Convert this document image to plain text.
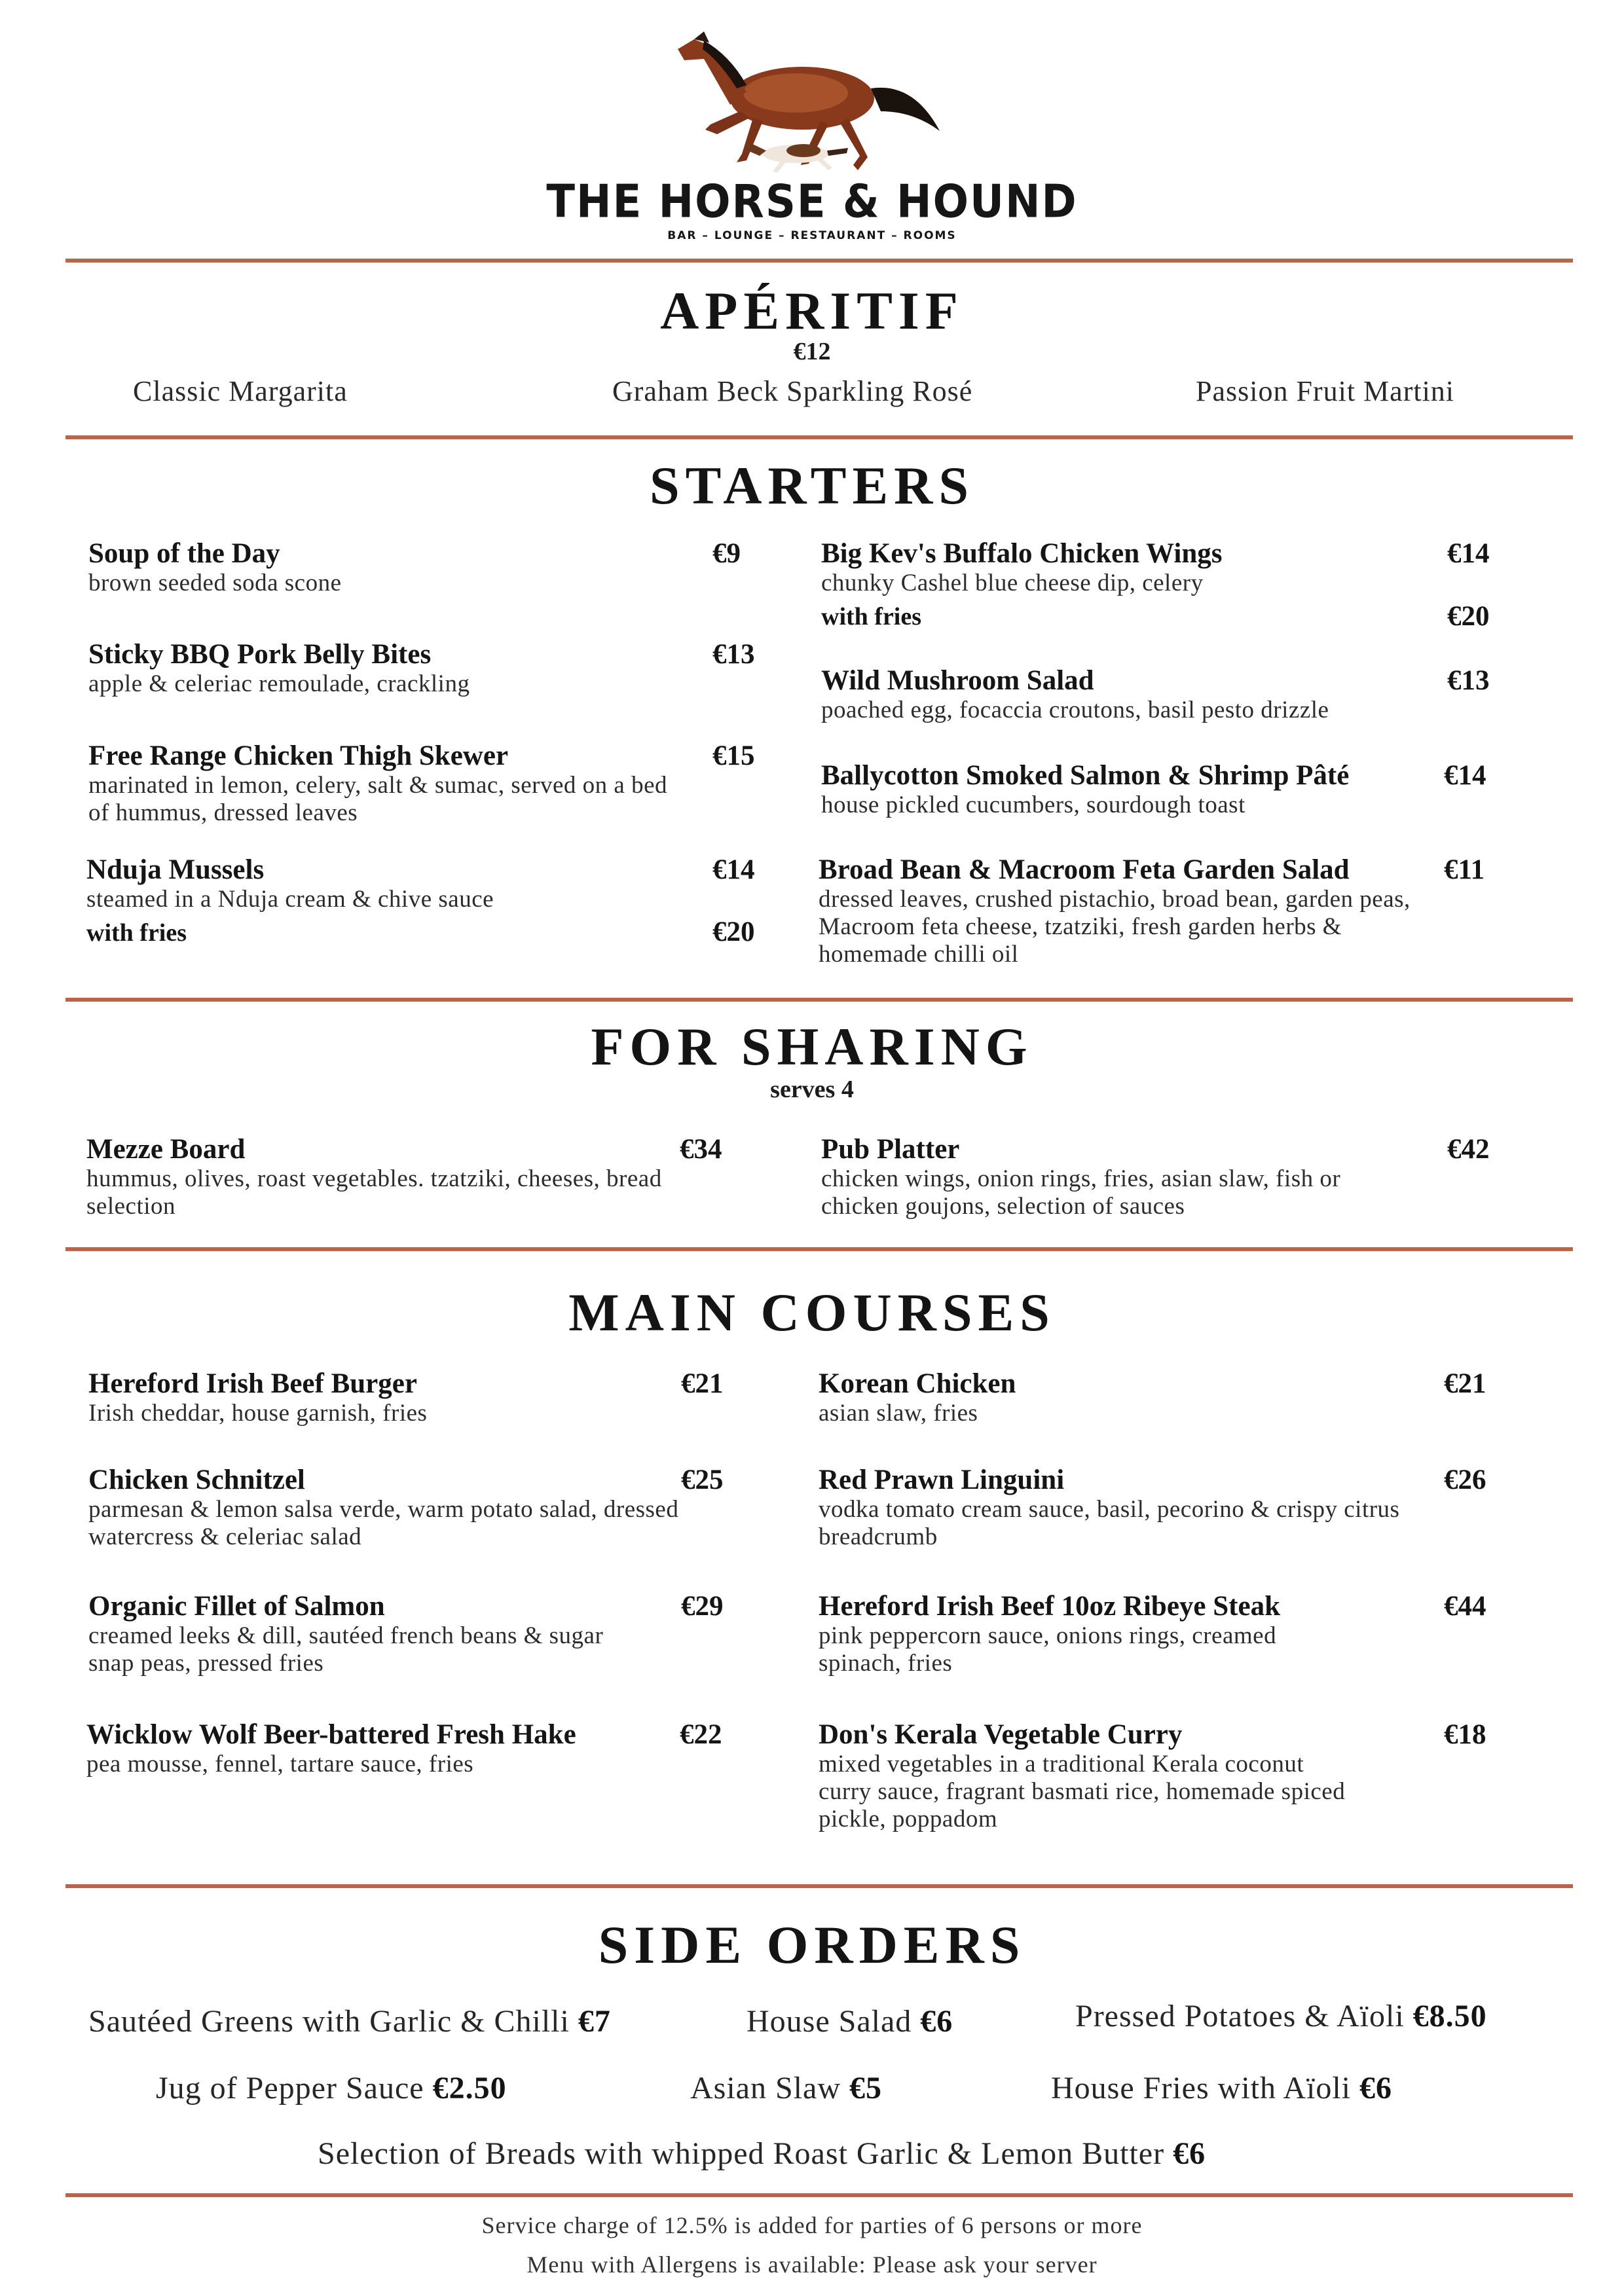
THE HORSE & HOUND
BAR – LOUNGE – RESTAURANT – ROOMS
APÉRITIF
€12
Classic Margarita	Graham Beck Sparkling Rosé	Passion Fruit Martini
STARTERS
Soup of the Day
brown seeded soda scone
€9	Big Kev's Buffalo Chicken Wings
chunky Cashel blue cheese dip, celery
with fries
€14
€20
Sticky BBQ Pork Belly Bites
apple & celeriac remoulade, crackling
€13
Wild Mushroom Salad
poached egg, focaccia croutons, basil pesto drizzle
€13
Free Range Chicken Thigh Skewer
marinated in lemon, celery, salt & sumac, served on a bed of hummus, dressed leaves
€15
Ballycotton Smoked Salmon & Shrimp Pâté
house pickled cucumbers, sourdough toast
€14
Nduja Mussels
steamed in a Nduja cream & chive sauce
with fries
€14
€20
Broad Bean & Macroom Feta Garden Salad
dressed leaves, crushed pistachio, broad bean, garden peas, Macroom feta cheese, tzatziki, fresh garden herbs & homemade chilli oil
€11
FOR SHARING
serves 4
Mezze Board
hummus, olives, roast vegetables. tzatziki, cheeses, bread selection
€34	Pub Platter
chicken wings, onion rings, fries, asian slaw, fish or chicken goujons, selection of sauces
€42
MAIN COURSES
Hereford Irish Beef Burger
Irish cheddar, house garnish, fries
€21	Korean Chicken
asian slaw, fries
€21
Chicken Schnitzel
parmesan & lemon salsa verde, warm potato salad, dressed watercress & celeriac salad
€25	Red Prawn Linguini
vodka tomato cream sauce, basil, pecorino & crispy citrus breadcrumb
€26
Organic Fillet of Salmon
creamed leeks & dill, sautéed french beans & sugar snap peas, pressed fries
€29	Hereford Irish Beef 10oz Ribeye Steak
pink peppercorn sauce, onions rings, creamed spinach, fries
€44
Wicklow Wolf Beer-battered Fresh Hake
pea mousse, fennel, tartare sauce, fries
€22	Don's Kerala Vegetable Curry
mixed vegetables in a traditional Kerala coconut curry sauce, fragrant basmati rice, homemade spiced pickle, poppadom
€18
SIDE ORDERS
Sautéed Greens with Garlic & Chilli €7	House Salad €6	Pressed Potatoes & Aïoli €8.50
Jug of Pepper Sauce €2.50	Asian Slaw €5	House Fries with Aïoli €6
Selection of Breads with whipped Roast Garlic & Lemon Butter €6
Service charge of 12.5% is added for parties of 6 persons or more
Menu with Allergens is available: Please ask your server
